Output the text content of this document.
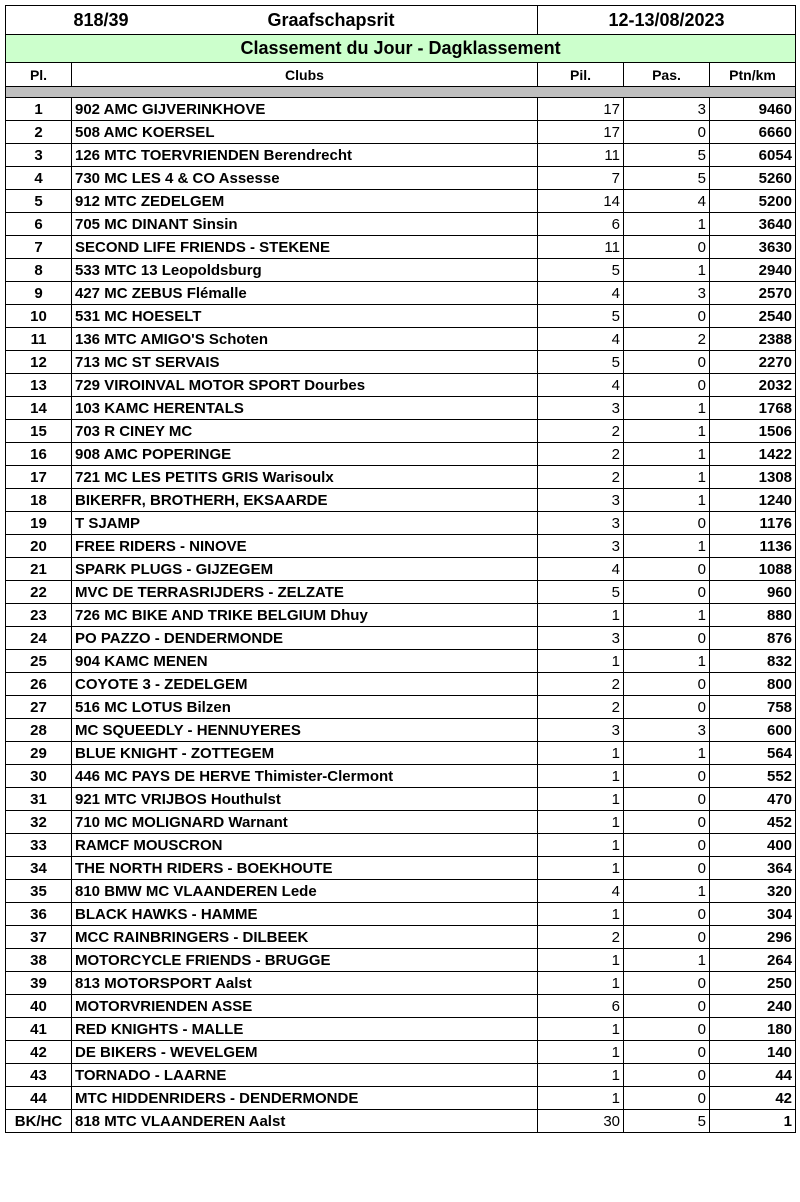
818/39 Graafschapsrit		12-13/08/2023		
Classement du Jour - Dagklassement				
Pl.	Clubs	Pil.	Pas.	Ptn/km

1	902 AMC GIJVERINKHOVE	17	3	9460
2	508 AMC KOERSEL	17	0	6660
3	126 MTC TOERVRIENDEN Berendrecht	11	5	6054
4	730 MC LES 4 & CO Assesse	7	5	5260
5	912 MTC ZEDELGEM	14	4	5200
6	705 MC DINANT Sinsin	6	1	3640
7	SECOND LIFE FRIENDS - STEKENE	11	0	3630
8	533 MTC 13 Leopoldsburg	5	1	2940
9	427 MC ZEBUS Flémalle	4	3	2570
10	531 MC HOESELT	5	0	2540
11	136 MTC AMIGO'S Schoten	4	2	2388
12	713 MC ST SERVAIS	5	0	2270
13	729 VIROINVAL MOTOR SPORT Dourbes	4	0	2032
14	103 KAMC HERENTALS	3	1	1768
15	703 R CINEY MC	2	1	1506
16	908 AMC POPERINGE	2	1	1422
17	721 MC LES PETITS GRIS Warisoulx	2	1	1308
18	BIKERFR, BROTHERH, EKSAARDE	3	1	1240
19	T SJAMP	3	0	1176
20	FREE RIDERS - NINOVE	3	1	1136
21	SPARK PLUGS - GIJZEGEM	4	0	1088
22	MVC DE TERRASRIJDERS - ZELZATE	5	0	960
23	726 MC BIKE AND TRIKE BELGIUM Dhuy	1	1	880
24	PO PAZZO - DENDERMONDE	3	0	876
25	904 KAMC MENEN	1	1	832
26	COYOTE 3 - ZEDELGEM	2	0	800
27	516 MC LOTUS Bilzen	2	0	758
28	MC SQUEEDLY - HENNUYERES	3	3	600
29	BLUE KNIGHT - ZOTTEGEM	1	1	564
30	446 MC PAYS DE HERVE Thimister-Clermont	1	0	552
31	921 MTC VRIJBOS Houthulst	1	0	470
32	710 MC MOLIGNARD Warnant	1	0	452
33	RAMCF MOUSCRON	1	0	400
34	THE NORTH RIDERS - BOEKHOUTE	1	0	364
35	810 BMW MC VLAANDEREN Lede	4	1	320
36	BLACK HAWKS - HAMME	1	0	304
37	MCC RAINBRINGERS - DILBEEK	2	0	296
38	MOTORCYCLE FRIENDS - BRUGGE	1	1	264
39	813 MOTORSPORT Aalst	1	0	250
40	MOTORVRIENDEN ASSE	6	0	240
41	RED KNIGHTS - MALLE	1	0	180
42	DE BIKERS - WEVELGEM	1	0	140
43	TORNADO - LAARNE	1	0	44
44	MTC HIDDENRIDERS - DENDERMONDE	1	0	42
BK/HC	818 MTC VLAANDEREN Aalst	30	5	1
